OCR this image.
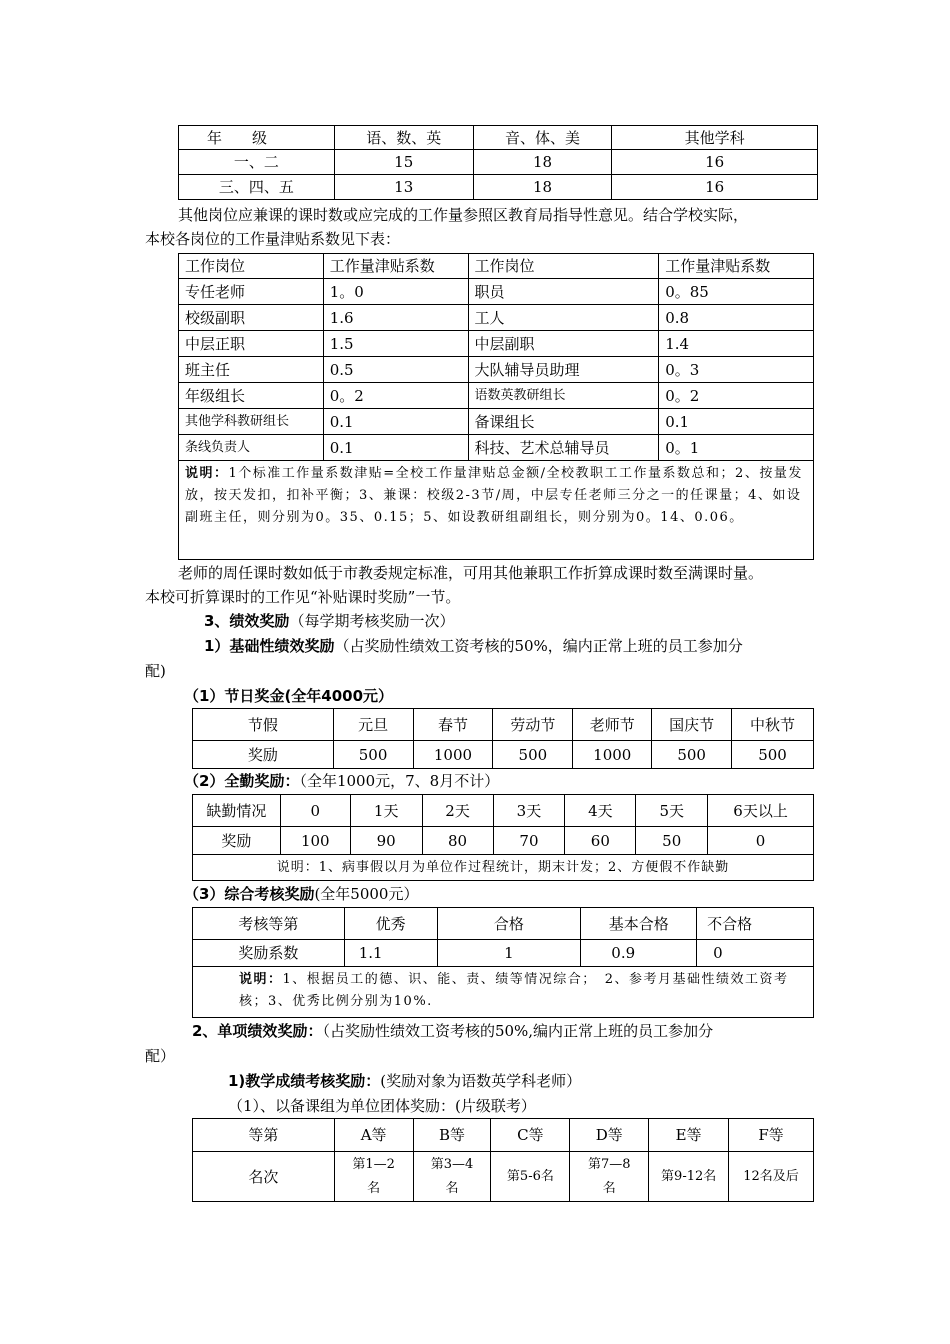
年　　级	语、数、英	音、体、美	其他学科
一、二	15	18	16
三、四、五	13	18	16
其他岗位应兼课的课时数或应完成的工作量参照区教育局指导性意见。结合学校实际，
本校各岗位的工作量津贴系数见下表：
工作岗位	工作量津贴系数	工作岗位	工作量津贴系数
专任老师	1。0	职员	0。85
校级副职	1.6	工人	0.8
中层正职	1.5	中层副职	1.4
班主任	0.5	大队辅导员助理	0。3
年级组长	0。2	语数英教研组长	0。2
其他学科教研组长	0.1	备课组长	0.1
条线负责人	0.1	科技、艺术总辅导员	0。1
说明：1个标准工作量系数津贴=全校工作量津贴总金额/全校教职工工作量系数总和；2、按量发放，按天发扣，扣补平衡；3、兼课：校级2-3节/周，中层专任老师三分之一的任课量；4、如设副班主任，则分别为0。35、0.15；5、如设教研组副组长，则分别为0。14、0.06。			
老师的周任课时数如低于市教委规定标准，可用其他兼职工作折算成课时数至满课时量。
本校可折算课时的工作见“补贴课时奖励”一节。
3、绩效奖励（每学期考核奖励一次）
1）基础性绩效奖励（占奖励性绩效工资考核的50%，编内正常上班的员工参加分
配)
（1）节日奖金(全年4000元）
节假	元旦	春节	劳动节	老师节	国庆节	中秋节
奖励	500	1000	500	1000	500	500
（2）全勤奖励：（全年1000元，7、8月不计）
缺勤情况	0	1天	2天	3天	4天	5天	6天以上
奖励	100	90	80	70	60	50	0
说明：1、病事假以月为单位作过程统计，期末计发；2、方便假不作缺勤							
（3）综合考核奖励(全年5000元）
考核等第	优秀	合格	基本合格	不合格
奖励系数	1.1	1	0.9	0
说明：1、根据员工的德、识、能、责、绩等情况综合；　2、参考月基础性绩效工资考核；3、优秀比例分别为10%.				
2、单项绩效奖励：（占奖励性绩效工资考核的50%,编内正常上班的员工参加分
配）
1)教学成绩考核奖励：(奖励对象为语数英学科老师）
（1）、以备课组为单位团体奖励：(片级联考）
等第	A等	B等	C等	D等	E等	F等
名次	第1—2名	第3—4名	第5-6名	第7—8名	第9-12名	12名及后
